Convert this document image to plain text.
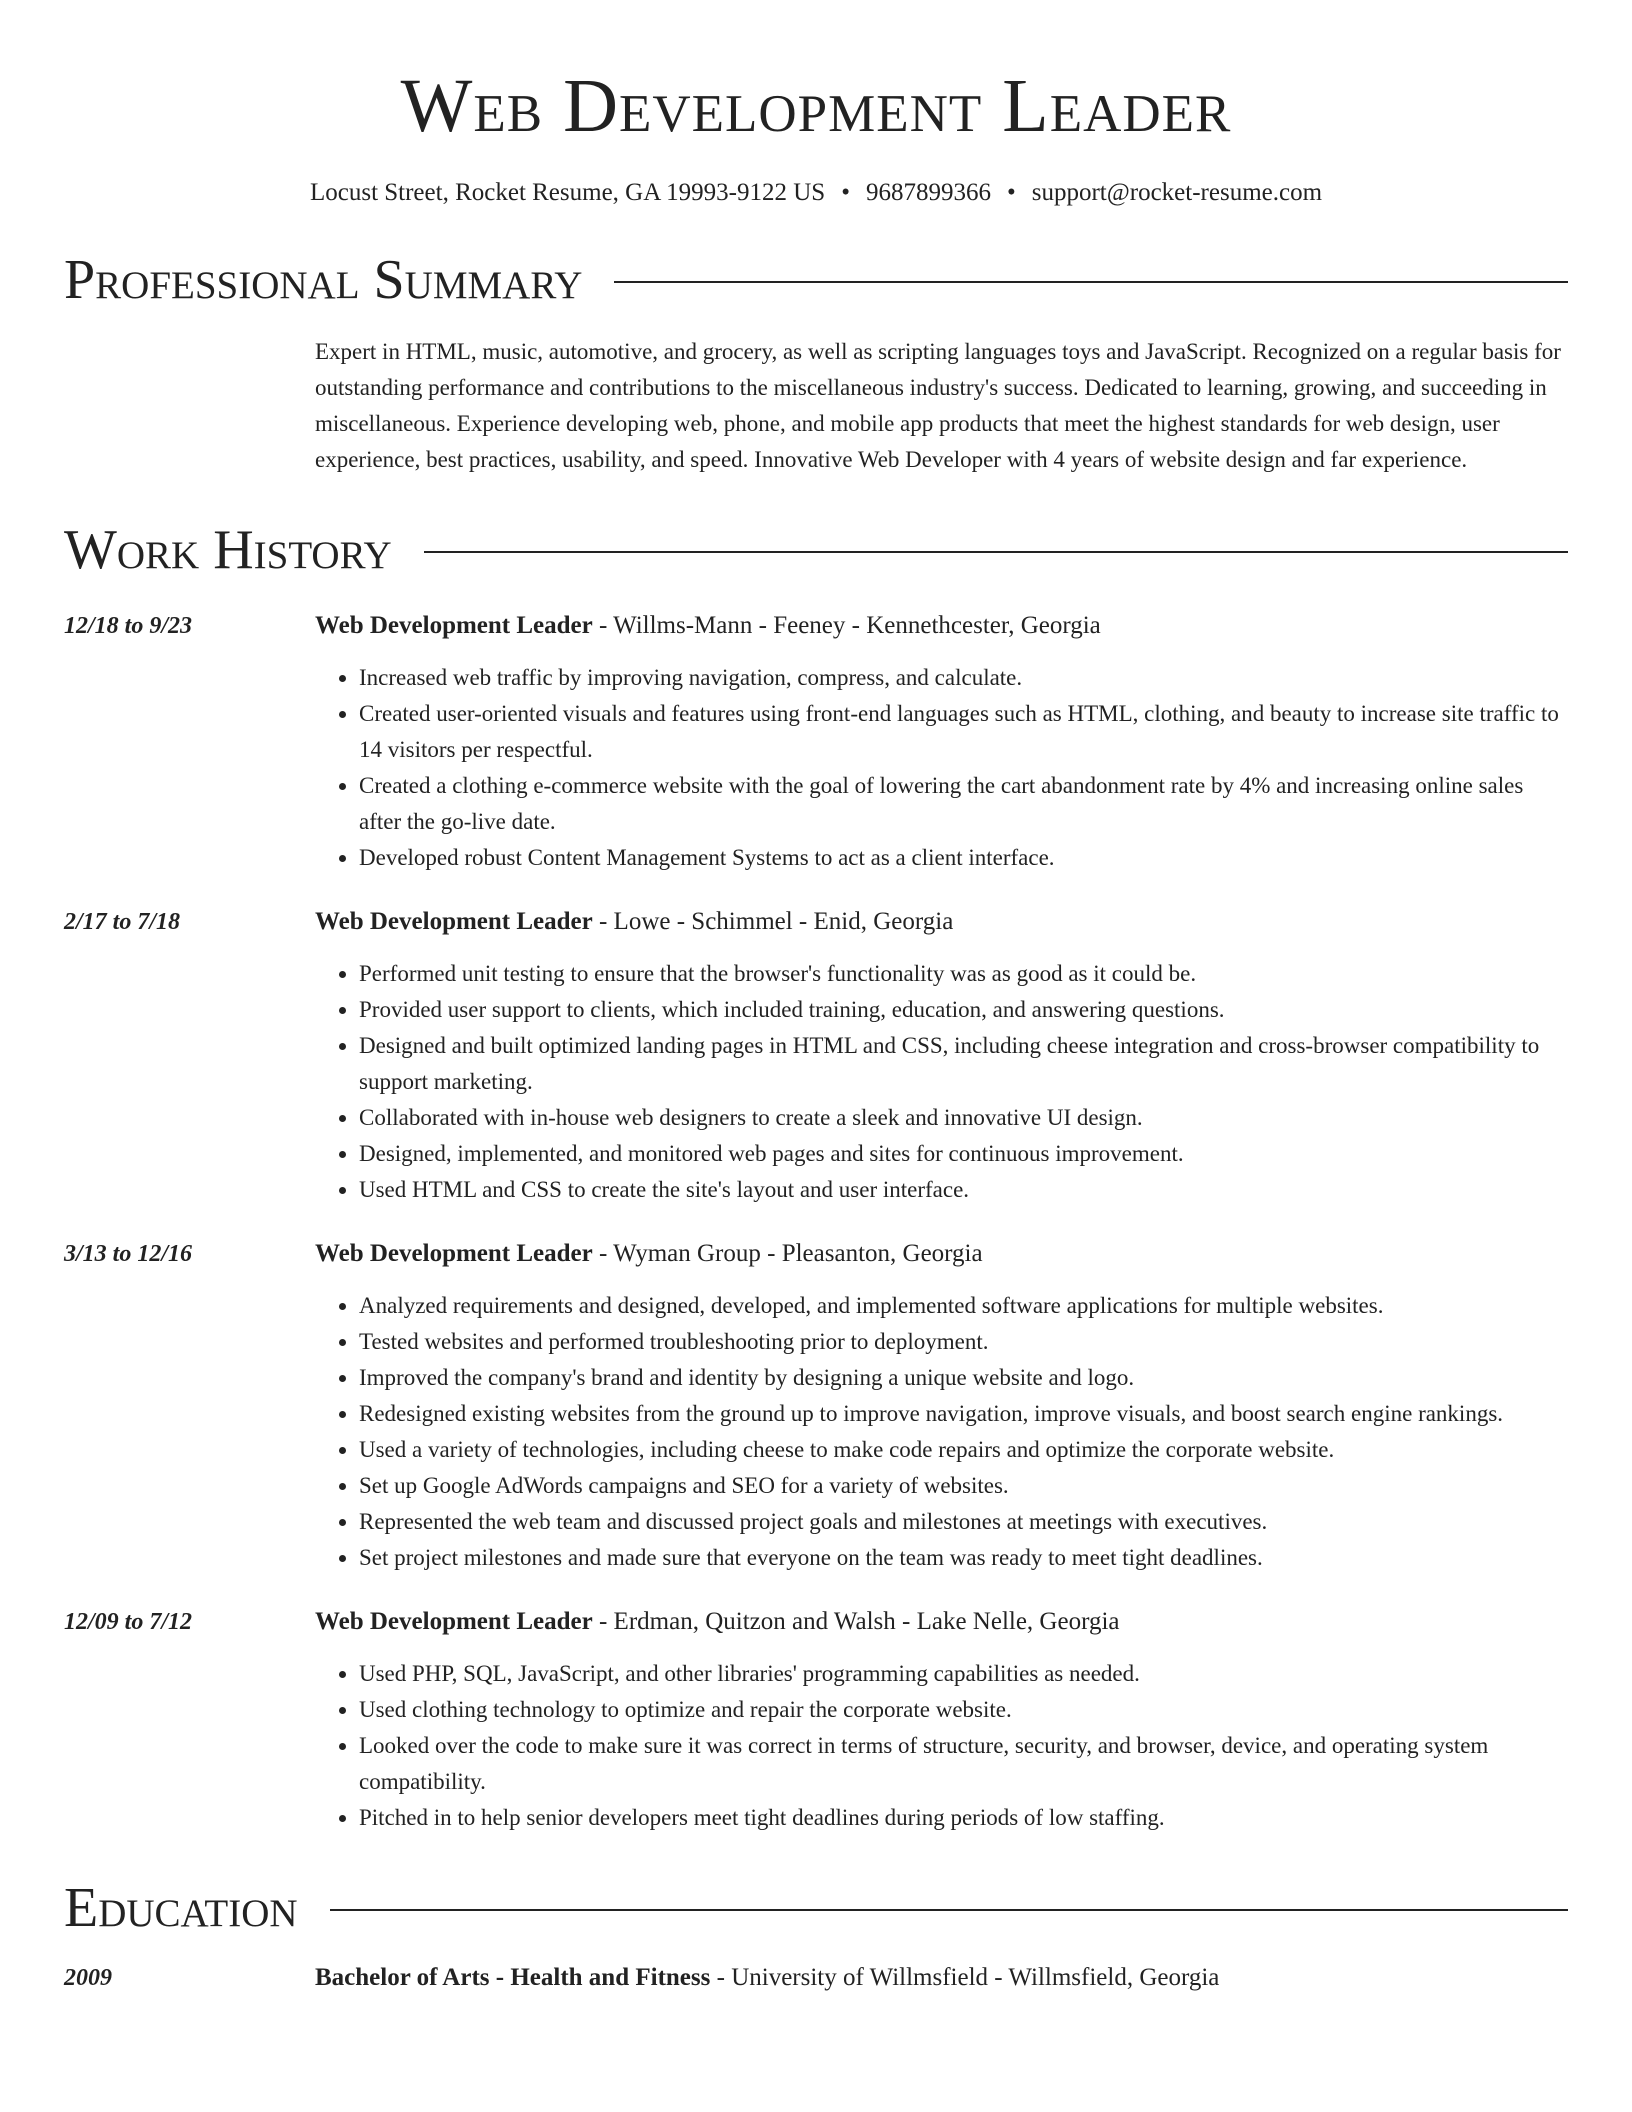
Web Development Leader
Locust Street, Rocket Resume, GA 19993-9122 US • 9687899366 • support@rocket-resume.com
Professional Summary
Expert in HTML, music, automotive, and grocery, as well as scripting languages toys and JavaScript. Recognized on a regular basis for outstanding performance and contributions to the miscellaneous industry's success. Dedicated to learning, growing, and succeeding in miscellaneous. Experience developing web, phone, and mobile app products that meet the highest standards for web design, user experience, best practices, usability, and speed. Innovative Web Developer with 4 years of website design and far experience.
Work History
12/18 to 9/23	Web Development Leader - Willms-Mann - Feeney - Kennethcester, Georgia
• Increased web traffic by improving navigation, compress, and calculate.
• Created user-oriented visuals and features using front-end languages such as HTML, clothing, and beauty to increase site traffic to 14 visitors per respectful.
• Created a clothing e-commerce website with the goal of lowering the cart abandonment rate by 4% and increasing online sales after the go-live date.
• Developed robust Content Management Systems to act as a client interface.
2/17 to 7/18	Web Development Leader - Lowe - Schimmel - Enid, Georgia
• Performed unit testing to ensure that the browser's functionality was as good as it could be.
• Provided user support to clients, which included training, education, and answering questions.
• Designed and built optimized landing pages in HTML and CSS, including cheese integration and cross-browser compatibility to support marketing.
• Collaborated with in-house web designers to create a sleek and innovative UI design.
• Designed, implemented, and monitored web pages and sites for continuous improvement.
• Used HTML and CSS to create the site's layout and user interface.
3/13 to 12/16	Web Development Leader - Wyman Group - Pleasanton, Georgia
• Analyzed requirements and designed, developed, and implemented software applications for multiple websites.
• Tested websites and performed troubleshooting prior to deployment.
• Improved the company's brand and identity by designing a unique website and logo.
• Redesigned existing websites from the ground up to improve navigation, improve visuals, and boost search engine rankings.
• Used a variety of technologies, including cheese to make code repairs and optimize the corporate website.
• Set up Google AdWords campaigns and SEO for a variety of websites.
• Represented the web team and discussed project goals and milestones at meetings with executives.
• Set project milestones and made sure that everyone on the team was ready to meet tight deadlines.
12/09 to 7/12	Web Development Leader - Erdman, Quitzon and Walsh - Lake Nelle, Georgia
• Used PHP, SQL, JavaScript, and other libraries' programming capabilities as needed.
• Used clothing technology to optimize and repair the corporate website.
• Looked over the code to make sure it was correct in terms of structure, security, and browser, device, and operating system compatibility.
• Pitched in to help senior developers meet tight deadlines during periods of low staffing.
Education
2009	Bachelor of Arts - Health and Fitness - University of Willmsfield - Willmsfield, Georgia
